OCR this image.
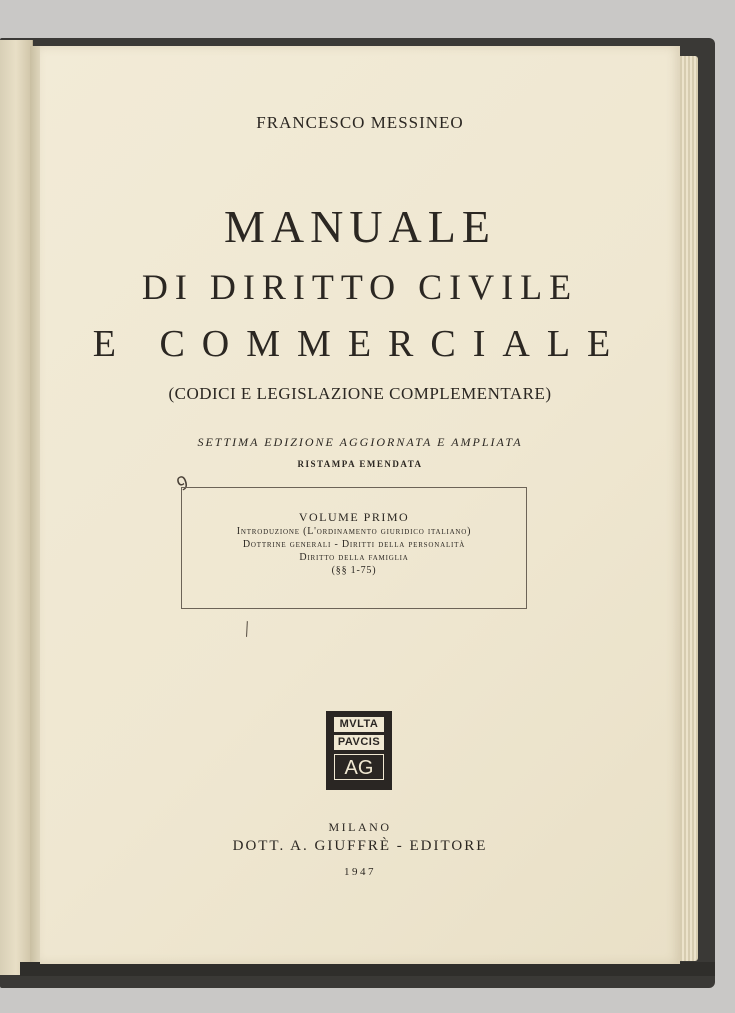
FRANCESCO MESSINEO
MANUALE
DI DIRITTO CIVILE
E COMMERCIALE
(CODICI E LEGISLAZIONE COMPLEMENTARE)
SETTIMA EDIZIONE AGGIORNATA E AMPLIATA
RISTAMPA EMENDATA
ꝯ
╲
VOLUME PRIMO
Introduzione (L'ordinamento giuridico italiano)
Dottrine generali - Diritti della personalità
Diritto della famiglia
(§§ 1-75)
MVLTA
PAVCIS
AG
MILANO
DOTT. A. GIUFFRÈ - EDITORE
1947
